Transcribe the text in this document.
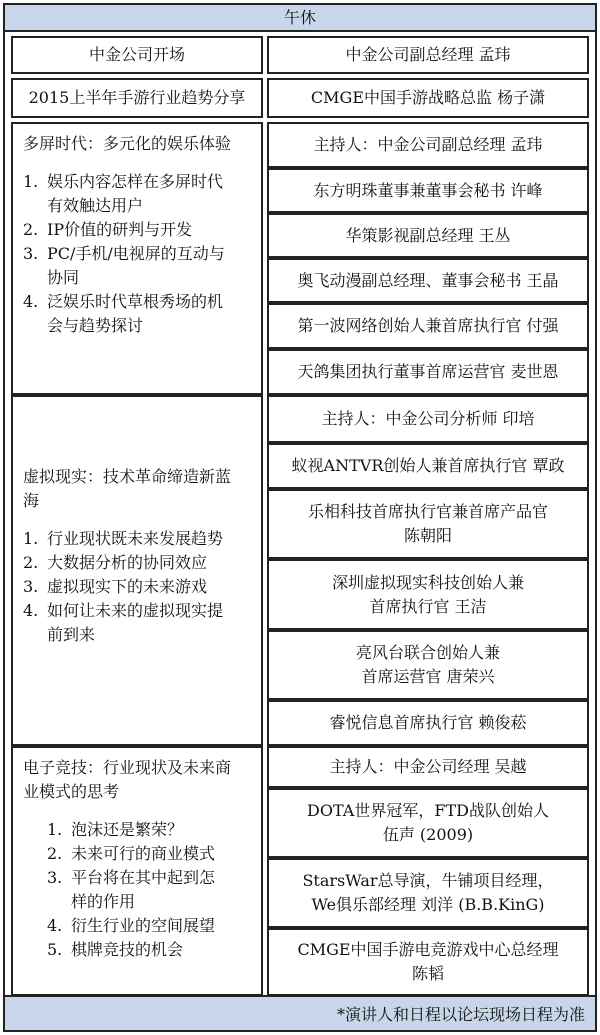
午休
中金公司开场	中金公司副总经理 孟玮
2015上半年手游行业趋势分享	CMGE中国手游战略总监 杨子潇
多屏时代：多元化的娱乐体验
1. 娱乐内容怎样在多屏时代
有效触达用户
2. IP价值的研判与开发
3. PC/手机/电视屏的互动与
协同
4. 泛娱乐时代草根秀场的机
会与趋势探讨
主持人：中金公司副总经理 孟玮
东方明珠董事兼董事会秘书 许峰
华策影视副总经理 王丛
奥飞动漫副总经理、董事会秘书 王晶
第一波网络创始人兼首席执行官 付强
天鸽集团执行董事首席运营官 麦世恩
虚拟现实：技术革命缔造新蓝
海
1. 行业现状既未来发展趋势
2. 大数据分析的协同效应
3. 虚拟现实下的未来游戏
4. 如何让未来的虚拟现实提
前到来
主持人：中金公司分析师 印培
蚁视ANTVR创始人兼首席执行官 覃政
乐相科技首席执行官兼首席产品官
陈朝阳
深圳虚拟现实科技创始人兼
首席执行官 王洁
亮风台联合创始人兼
首席运营官 唐荣兴
睿悦信息首席执行官 赖俊菘
电子竞技：行业现状及未来商
业模式的思考
1. 泡沫还是繁荣？
2. 未来可行的商业模式
3. 平台将在其中起到怎
样的作用
4. 衍生行业的空间展望
5. 棋牌竞技的机会
主持人：中金公司经理 吴越
DOTA世界冠军，FTD战队创始人
伍声 (2009)
StarsWar总导演，牛铺项目经理，
We俱乐部经理 刘洋 (B.B.KinG)
CMGE中国手游电竞游戏中心总经理
陈韬
*演讲人和日程以论坛现场日程为准
